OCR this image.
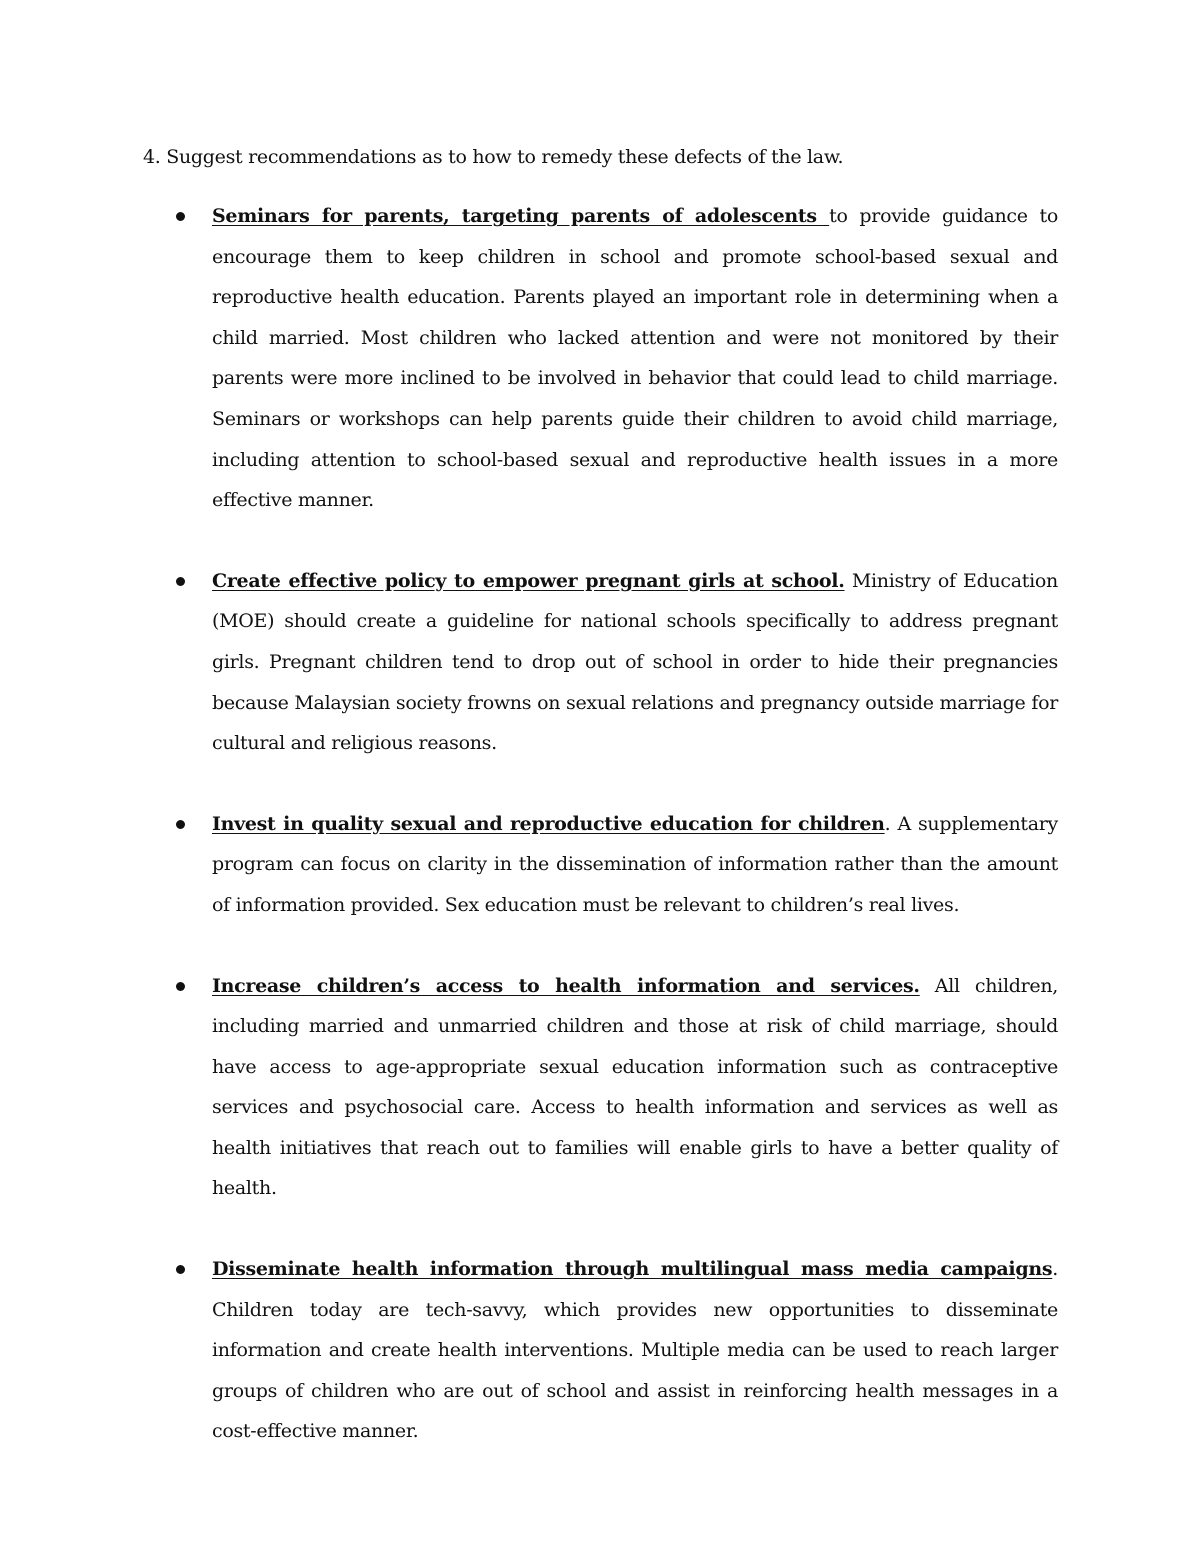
4. Suggest recommendations as to how to remedy these defects of the law.

Seminars for parents, targeting parents of adolescents to provide guidance to encourage them to keep children in school and promote school-based sexual and reproductive health education. Parents played an important role in determining when a child married. Most children who lacked attention and were not monitored by their parents were more inclined to be involved in behavior that could lead to child marriage. Seminars or workshops can help parents guide their children to avoid child marriage, including attention to school-based sexual and reproductive health issues in a more effective manner.

Create effective policy to empower pregnant girls at school. Ministry of Education (MOE) should create a guideline for national schools specifically to address pregnant girls. Pregnant children tend to drop out of school in order to hide their pregnancies because Malaysian society frowns on sexual relations and pregnancy outside marriage for cultural and religious reasons.

Invest in quality sexual and reproductive education for children. A supplementary program can focus on clarity in the dissemination of information rather than the amount of information provided. Sex education must be relevant to children’s real lives.

Increase children’s access to health information and services. All children, including married and unmarried children and those at risk of child marriage, should have access to age-appropriate sexual education information such as contraceptive services and psychosocial care. Access to health information and services as well as health initiatives that reach out to families will enable girls to have a better quality of health.

Disseminate health information through multilingual mass media campaigns. Children today are tech-savvy, which provides new opportunities to disseminate information and create health interventions. Multiple media can be used to reach larger groups of children who are out of school and assist in reinforcing health messages in a cost-effective manner.
